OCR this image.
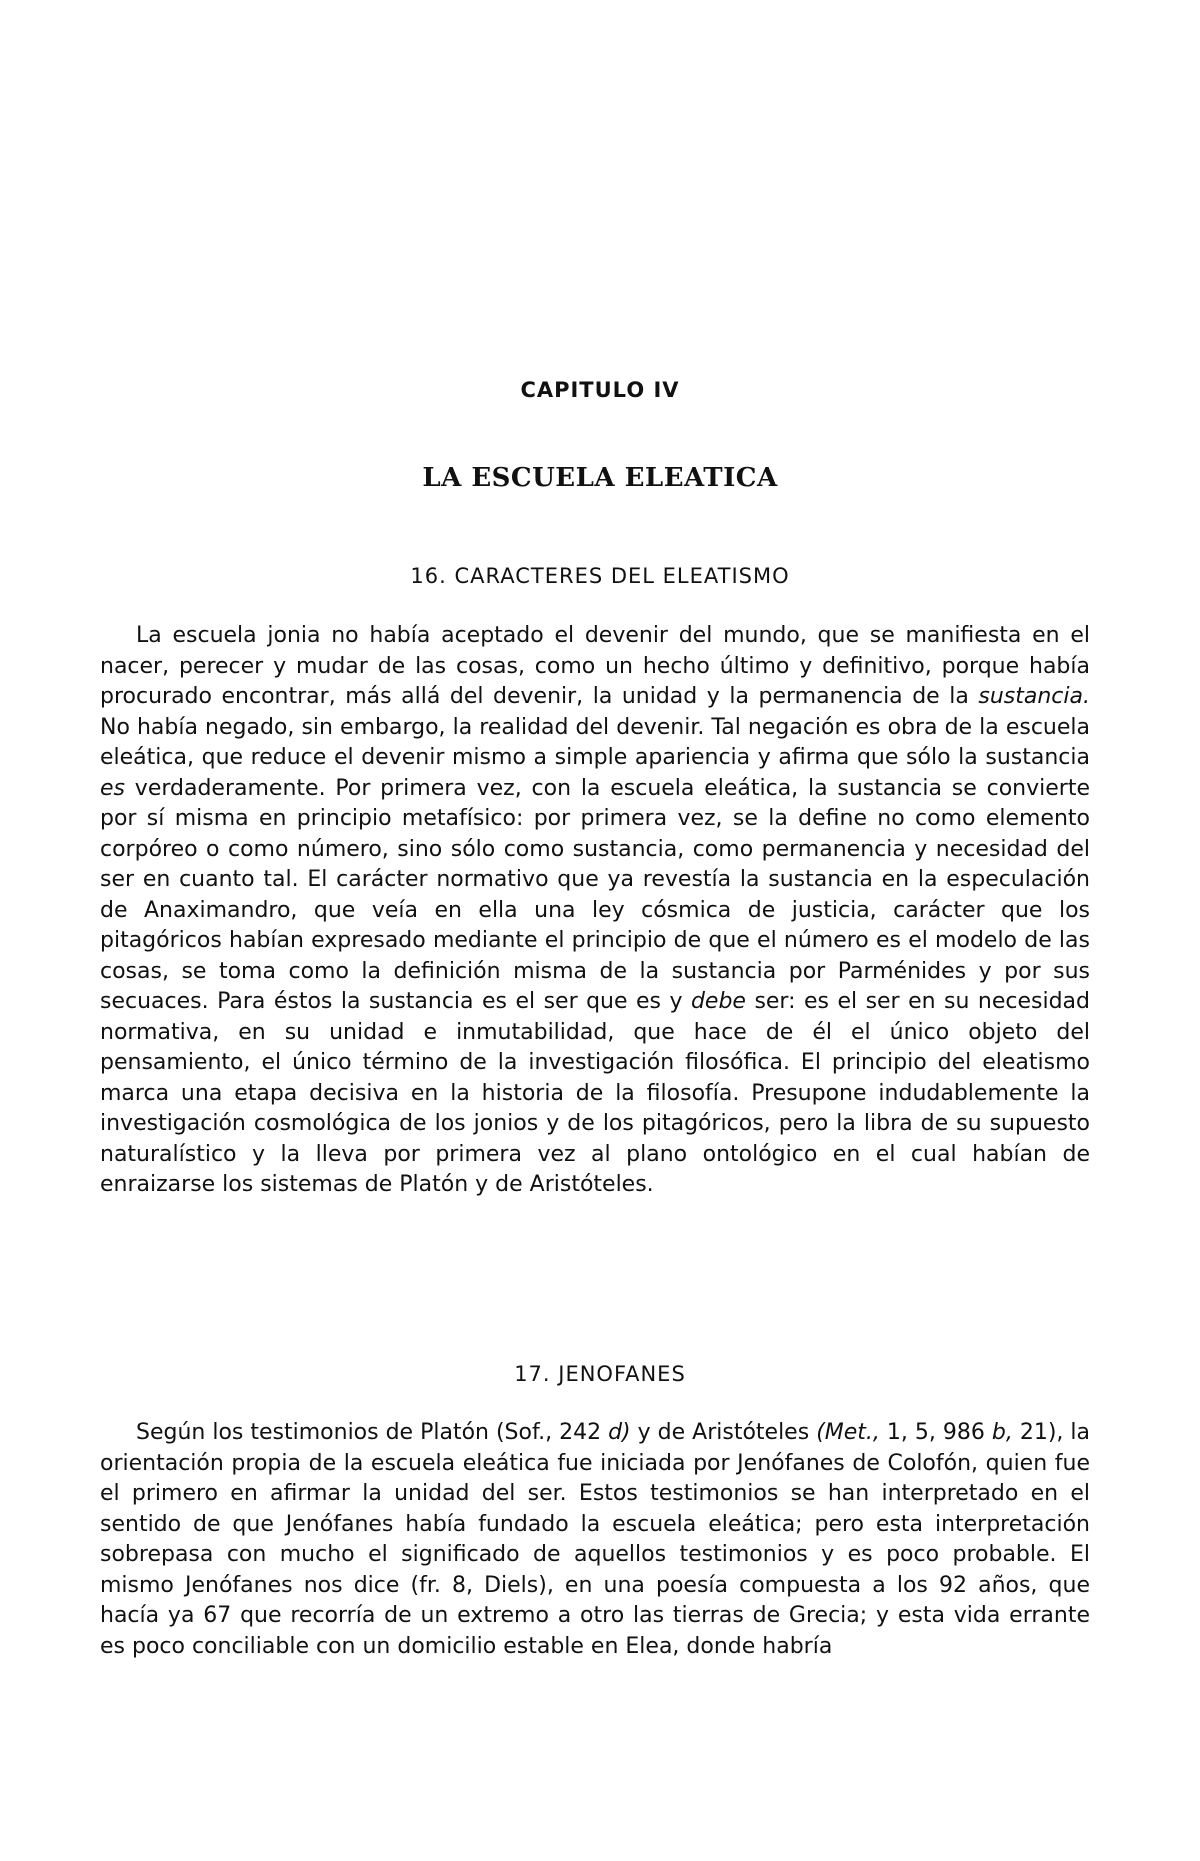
CAPITULO IV
LA ESCUELA ELEATICA
16. CARACTERES DEL ELEATISMO

La escuela jonia no había aceptado el devenir del mundo, que se manifiesta en el nacer, perecer y mudar de las cosas, como un hecho último y definitivo, porque había procurado encontrar, más allá del devenir, la unidad y la permanencia de la sustancia. No había negado, sin embargo, la realidad del devenir. Tal negación es obra de la escuela eleática, que reduce el devenir mismo a simple apariencia y afirma que sólo la sustancia es verdaderamente. Por primera vez, con la escuela eleática, la sustancia se convierte por sí misma en principio metafísico: por primera vez, se la define no como elemento corpóreo o como número, sino sólo como sustancia, como permanencia y necesidad del ser en cuanto tal. El carácter normativo que ya revestía la sustancia en la especulación de Anaximandro, que veía en ella una ley cósmica de justicia, carácter que los pitagóricos habían expresado mediante el principio de que el número es el modelo de las cosas, se toma como la definición misma de la sustancia por Parménides y por sus secuaces. Para éstos la sustancia es el ser que es y debe ser: es el ser en su necesidad normativa, en su unidad e inmutabilidad, que hace de él el único objeto del pensamiento, el único término de la investigación filosófica. El principio del eleatismo marca una etapa decisiva en la historia de la filosofía. Presupone indudablemente la investigación cosmológica de los jonios y de los pitagóricos, pero la libra de su supuesto naturalístico y la lleva por primera vez al plano ontológico en el cual habían de enraizarse los sistemas de Platón y de Aristóteles.

17. JENOFANES

Según los testimonios de Platón (Sof., 242 d) y de Aristóteles (Met., 1, 5, 986 b, 21), la orientación propia de la escuela eleática fue iniciada por Jenófanes de Colofón, quien fue el primero en afirmar la unidad del ser. Estos testimonios se han interpretado en el sentido de que Jenófanes había fundado la escuela eleática; pero esta interpretación sobrepasa con mucho el significado de aquellos testimonios y es poco probable. El mismo Jenófanes nos dice (fr. 8, Diels), en una poesía compuesta a los 92 años, que hacía ya 67 que recorría de un extremo a otro las tierras de Grecia; y esta vida errante es poco conciliable con un domicilio estable en Elea, donde habría
